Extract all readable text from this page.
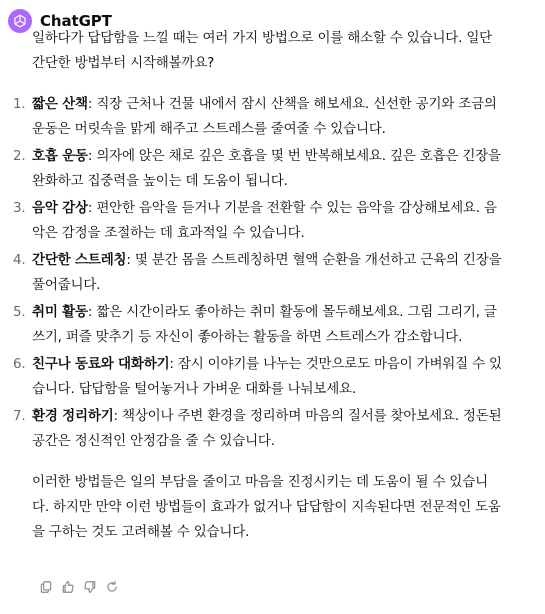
ChatGPT

일하다가 답답함을 느낄 때는 여러 가지 방법으로 이를 해소할 수 있습니다. 일단 간단한 방법부터 시작해볼까요?

1. 짧은 산책: 직장 근처나 건물 내에서 잠시 산책을 해보세요. 신선한 공기와 조금의 운동은 머릿속을 맑게 해주고 스트레스를 줄여줄 수 있습니다.
2. 호흡 운동: 의자에 앉은 채로 깊은 호흡을 몇 번 반복해보세요. 깊은 호흡은 긴장을 완화하고 집중력을 높이는 데 도움이 됩니다.
3. 음악 감상: 편안한 음악을 듣거나 기분을 전환할 수 있는 음악을 감상해보세요. 음악은 감정을 조절하는 데 효과적일 수 있습니다.
4. 간단한 스트레칭: 몇 분간 몸을 스트레칭하면 혈액 순환을 개선하고 근육의 긴장을 풀어줍니다.
5. 취미 활동: 짧은 시간이라도 좋아하는 취미 활동에 몰두해보세요. 그림 그리기, 글쓰기, 퍼즐 맞추기 등 자신이 좋아하는 활동을 하면 스트레스가 감소합니다.
6. 친구나 동료와 대화하기: 잠시 이야기를 나누는 것만으로도 마음이 가벼워질 수 있습니다. 답답함을 털어놓거나 가벼운 대화를 나눠보세요.
7. 환경 정리하기: 책상이나 주변 환경을 정리하며 마음의 질서를 찾아보세요. 정돈된 공간은 정신적인 안정감을 줄 수 있습니다.

이러한 방법들은 일의 부담을 줄이고 마음을 진정시키는 데 도움이 될 수 있습니다. 하지만 만약 이런 방법들이 효과가 없거나 답답함이 지속된다면 전문적인 도움을 구하는 것도 고려해볼 수 있습니다.
